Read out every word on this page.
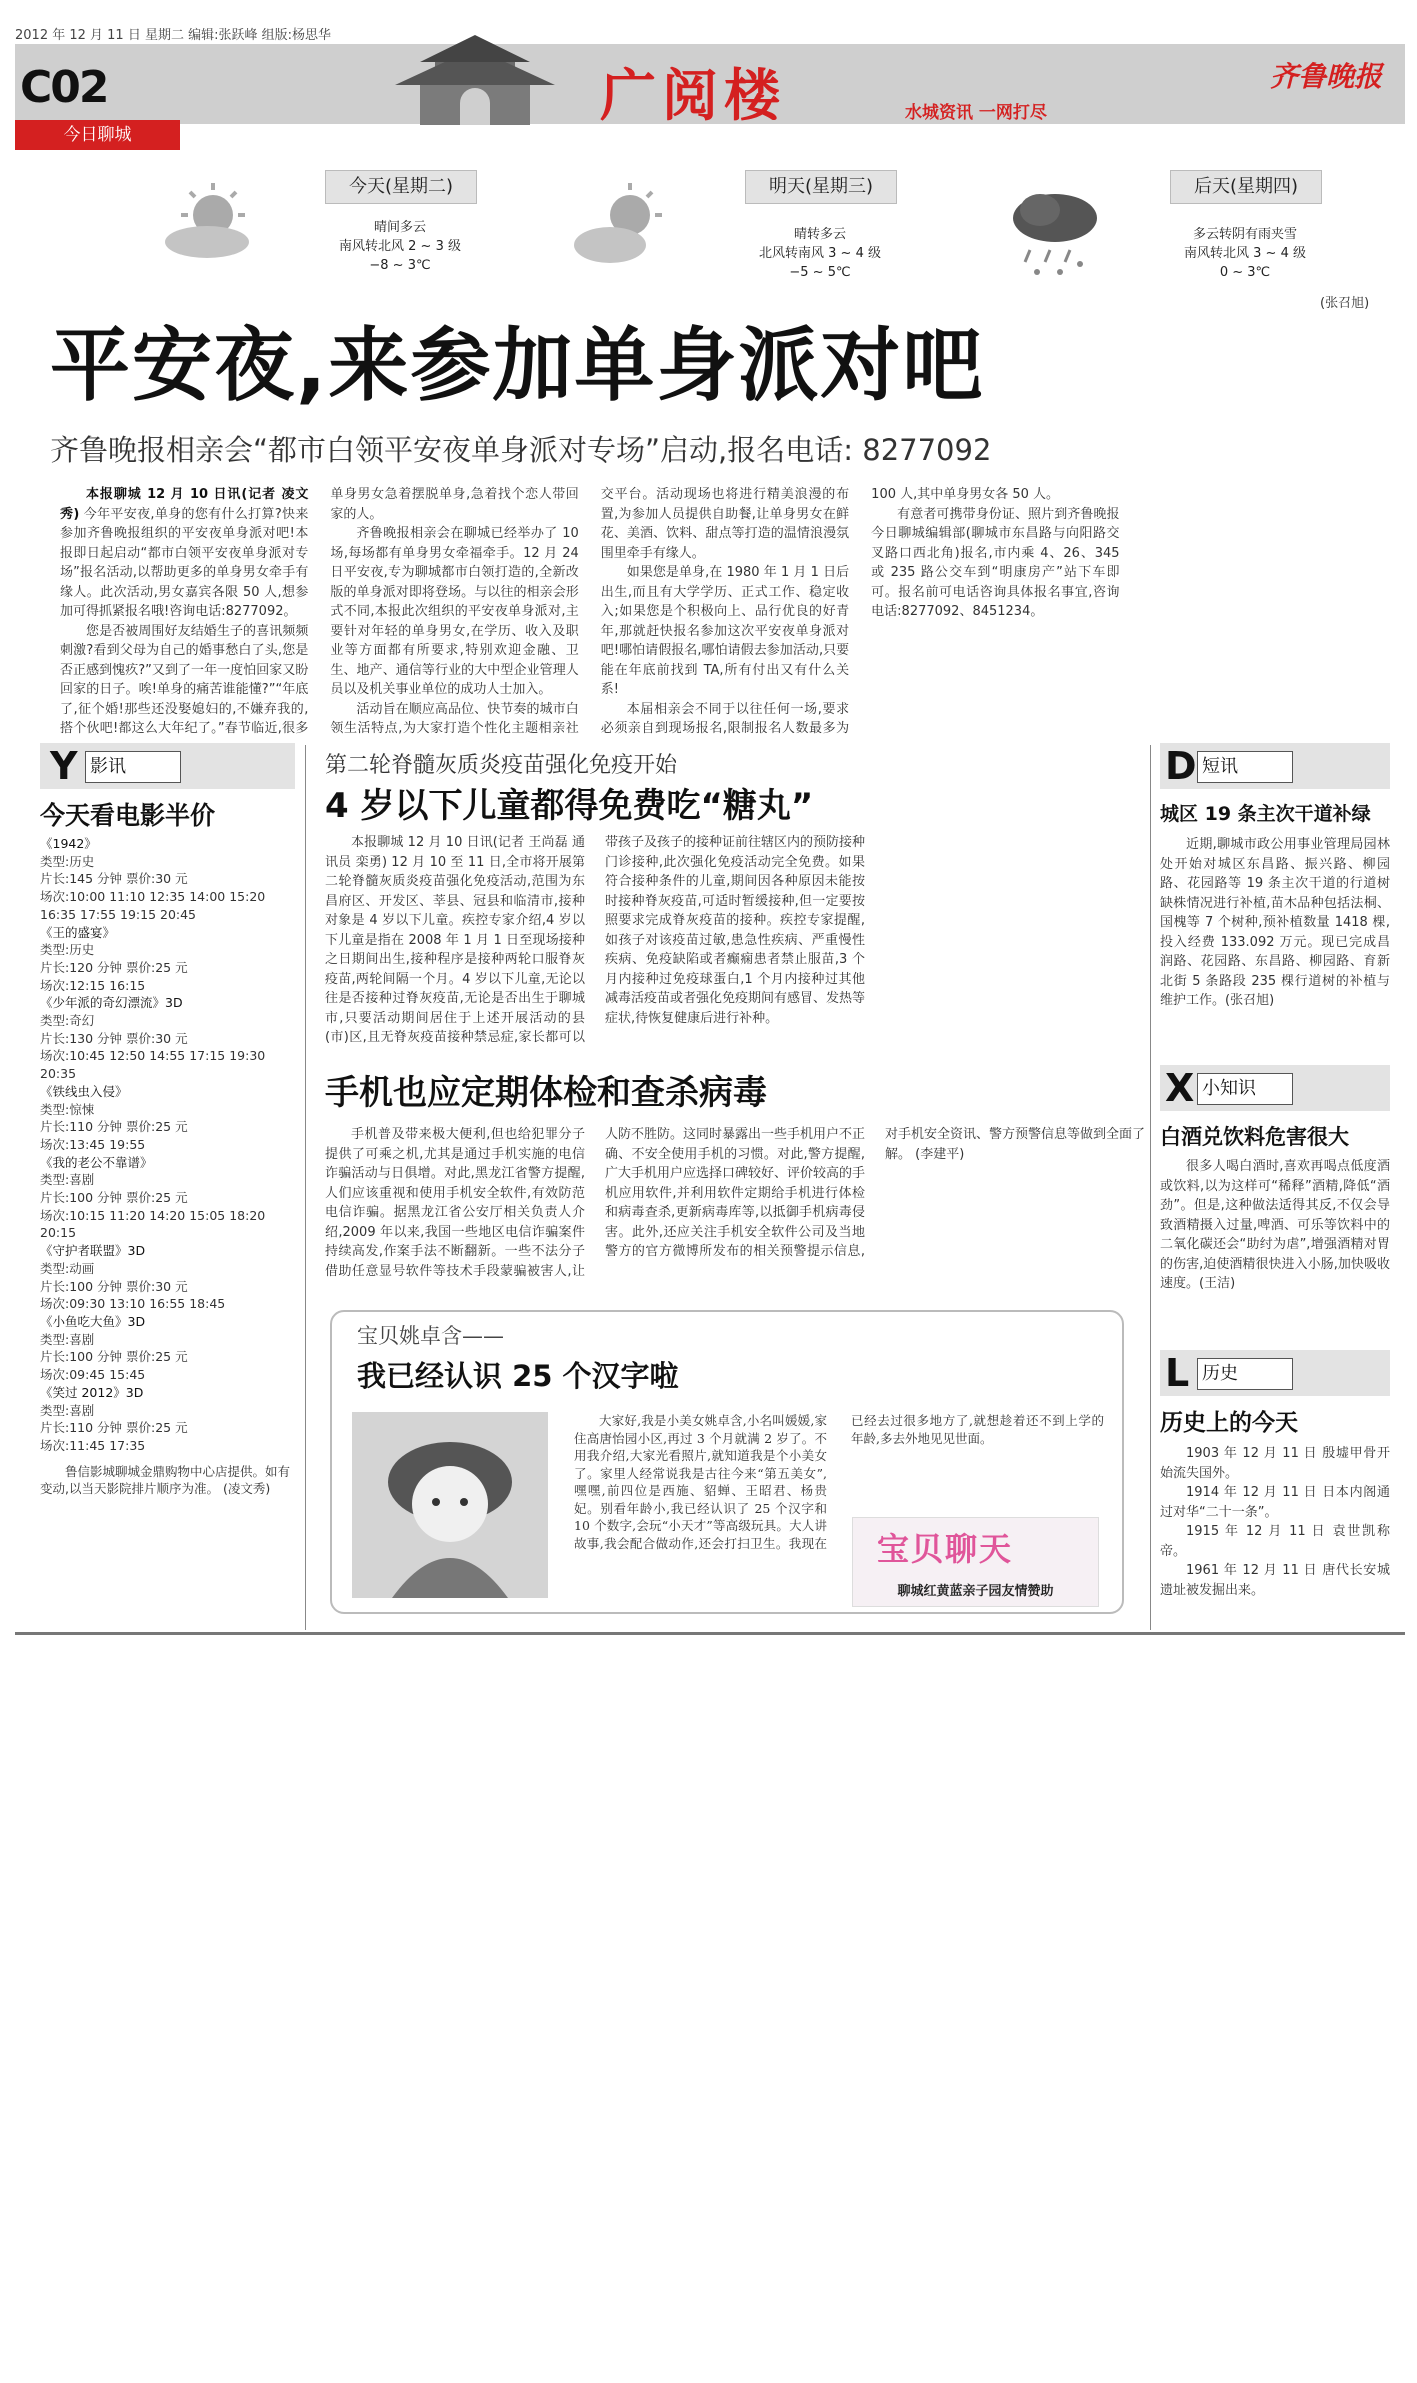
2012 年 12 月 11 日 星期二 编辑:张跃峰 组版:杨思华
C02
今日聊城
广阅楼	水城资讯 一网打尽
齐鲁晚报
今天(星期二)
晴间多云
南风转北风 2 ~ 3 级
−8 ~ 3℃
明天(星期三)
晴转多云
北风转南风 3 ~ 4 级
−5 ~ 5℃
后天(星期四)
多云转阴有雨夹雪
南风转北风 3 ~ 4 级
0 ~ 3℃
(张召旭)
平安夜,来参加单身派对吧
齐鲁晚报相亲会“都市白领平安夜单身派对专场”启动,报名电话: 8277092

本报聊城 12 月 10 日讯(记者 凌文秀) 今年平安夜,单身的您有什么打算?快来参加齐鲁晚报组织的平安夜单身派对吧!本报即日起启动“都市白领平安夜单身派对专场”报名活动,以帮助更多的单身男女牵手有缘人。此次活动,男女嘉宾各限 50 人,想参加可得抓紧报名哦!咨询电话:8277092。

您是否被周围好友结婚生子的喜讯频频刺激?看到父母为自己的婚事愁白了头,您是否正感到愧疚?”又到了一年一度怕回家又盼回家的日子。唉!单身的痛苦谁能懂?”“年底了,征个婚!那些还没娶媳妇的,不嫌弃我的,搭个伙吧!都这么大年纪了。”春节临近,很多单身男女急着摆脱单身,急着找个恋人带回家的人。

齐鲁晚报相亲会在聊城已经举办了 10 场,每场都有单身男女牵福牵手。12 月 24 日平安夜,专为聊城都市白领打造的,全新改版的单身派对即将登场。与以往的相亲会形式不同,本报此次组织的平安夜单身派对,主要针对年轻的单身男女,在学历、收入及职业等方面都有所要求,特别欢迎金融、卫生、地产、通信等行业的大中型企业管理人员以及机关事业单位的成功人士加入。

活动旨在顺应高品位、快节奏的城市白领生活特点,为大家打造个性化主题相亲社交平台。活动现场也将进行精美浪漫的布置,为参加人员提供自助餐,让单身男女在鲜花、美酒、饮料、甜点等打造的温情浪漫氛围里牵手有缘人。

如果您是单身,在 1980 年 1 月 1 日后出生,而且有大学学历、正式工作、稳定收入;如果您是个积极向上、品行优良的好青年,那就赶快报名参加这次平安夜单身派对吧!哪怕请假报名,哪怕请假去参加活动,只要能在年底前找到 TA,所有付出又有什么关系!

本届相亲会不同于以往任何一场,要求必须亲自到现场报名,限制报名人数最多为 100 人,其中单身男女各 50 人。

有意者可携带身份证、照片到齐鲁晚报今日聊城编辑部(聊城市东昌路与向阳路交叉路口西北角)报名,市内乘 4、26、345 或 235 路公交车到“明康房产”站下车即可。报名前可电话咨询具体报名事宜,咨询电话:8277092、8451234。

Y 影讯
今天看电影半价
《1942》
类型:历史
片长:145 分钟 票价:30 元
场次:10:00 11:10 12:35 14:00 15:20 16:35 17:55 19:15 20:45
《王的盛宴》
类型:历史
片长:120 分钟 票价:25 元
场次:12:15 16:15
《少年派的奇幻漂流》3D
类型:奇幻
片长:130 分钟 票价:30 元
场次:10:45 12:50 14:55 17:15 19:30 20:35
《铁线虫入侵》
类型:惊悚
片长:110 分钟 票价:25 元
场次:13:45 19:55
《我的老公不靠谱》
类型:喜剧
片长:100 分钟 票价:25 元
场次:10:15 11:20 14:20 15:05 18:20 20:15
《守护者联盟》3D
类型:动画
片长:100 分钟 票价:30 元
场次:09:30 13:10 16:55 18:45
《小鱼吃大鱼》3D
类型:喜剧
片长:100 分钟 票价:25 元
场次:09:45 15:45
《笑过 2012》3D
类型:喜剧
片长:110 分钟 票价:25 元
场次:11:45 17:35
鲁信影城聊城金鼎购物中心店提供。如有变动,以当天影院排片顺序为准。 (凌文秀)
第二轮脊髓灰质炎疫苗强化免疫开始
4 岁以下儿童都得免费吃“糖丸”

本报聊城 12 月 10 日讯(记者 王尚磊 通讯员 栾勇) 12 月 10 至 11 日,全市将开展第二轮脊髓灰质炎疫苗强化免疫活动,范围为东昌府区、开发区、莘县、冠县和临清市,接种对象是 4 岁以下儿童。疾控专家介绍,4 岁以下儿童是指在 2008 年 1 月 1 日至现场接种之日期间出生,接种程序是接种两轮口服脊灰疫苗,两轮间隔一个月。4 岁以下儿童,无论以往是否接种过脊灰疫苗,无论是否出生于聊城市,只要活动期间居住于上述开展活动的县(市)区,且无脊灰疫苗接种禁忌症,家长都可以带孩子及孩子的接种证前往辖区内的预防接种门诊接种,此次强化免疫活动完全免费。如果符合接种条件的儿童,期间因各种原因未能按时接种脊灰疫苗,可适时暂缓接种,但一定要按照要求完成脊灰疫苗的接种。疾控专家提醒,如孩子对该疫苗过敏,患急性疾病、严重慢性疾病、免疫缺陷或者癫痫患者禁止服苗,3 个月内接种过免疫球蛋白,1 个月内接种过其他减毒活疫苗或者强化免疫期间有感冒、发热等症状,待恢复健康后进行补种。

手机也应定期体检和查杀病毒

手机普及带来极大便利,但也给犯罪分子提供了可乘之机,尤其是通过手机实施的电信诈骗活动与日俱增。对此,黑龙江省警方提醒,人们应该重视和使用手机安全软件,有效防范电信诈骗。据黑龙江省公安厅相关负责人介绍,2009 年以来,我国一些地区电信诈骗案件持续高发,作案手法不断翻新。一些不法分子借助任意显号软件等技术手段蒙骗被害人,让人防不胜防。这同时暴露出一些手机用户不正确、不安全使用手机的习惯。对此,警方提醒,广大手机用户应选择口碑较好、评价较高的手机应用软件,并利用软件定期给手机进行体检和病毒查杀,更新病毒库等,以抵御手机病毒侵害。此外,还应关注手机安全软件公司及当地警方的官方微博所发布的相关预警提示信息,对手机安全资讯、警方预警信息等做到全面了解。 (李建平)

宝贝姚卓含——
我已经认识 25 个汉字啦

大家好,我是小美女姚卓含,小名叫媛媛,家住高唐怡园小区,再过 3 个月就满 2 岁了。不用我介绍,大家光看照片,就知道我是个小美女了。家里人经常说我是古往今来“第五美女”,嘿嘿,前四位是西施、貂蝉、王昭君、杨贵妃。别看年龄小,我已经认识了 25 个汉字和 10 个数字,会玩“小天才”等高级玩具。大人讲故事,我会配合做动作,还会打扫卫生。我现在已经去过很多地方了,就想趁着还不到上学的年龄,多去外地见见世面。

宝贝聊天
聊城红黄蓝亲子园友情赞助
D 短讯
城区 19 条主次干道补绿

近期,聊城市政公用事业管理局园林处开始对城区东昌路、振兴路、柳园路、花园路等 19 条主次干道的行道树缺株情况进行补植,苗木品种包括法桐、国槐等 7 个树种,预补植数量 1418 棵,投入经费 133.092 万元。现已完成昌润路、花园路、东昌路、柳园路、育新北街 5 条路段 235 棵行道树的补植与维护工作。(张召旭)

X 小知识
白酒兑饮料危害很大

很多人喝白酒时,喜欢再喝点低度酒或饮料,以为这样可“稀释”酒精,降低“酒劲”。但是,这种做法适得其反,不仅会导致酒精摄入过量,啤酒、可乐等饮料中的二氧化碳还会“助纣为虐”,增强酒精对胃的伤害,迫使酒精很快进入小肠,加快吸收速度。(王洁)

L 历史
历史上的今天
1903 年 12 月 11 日 殷墟甲骨开始流失国外。
1914 年 12 月 11 日 日本内阁通过对华“二十一条”。
1915 年 12 月 11 日 袁世凯称帝。
1961 年 12 月 11 日 唐代长安城遗址被发掘出来。
